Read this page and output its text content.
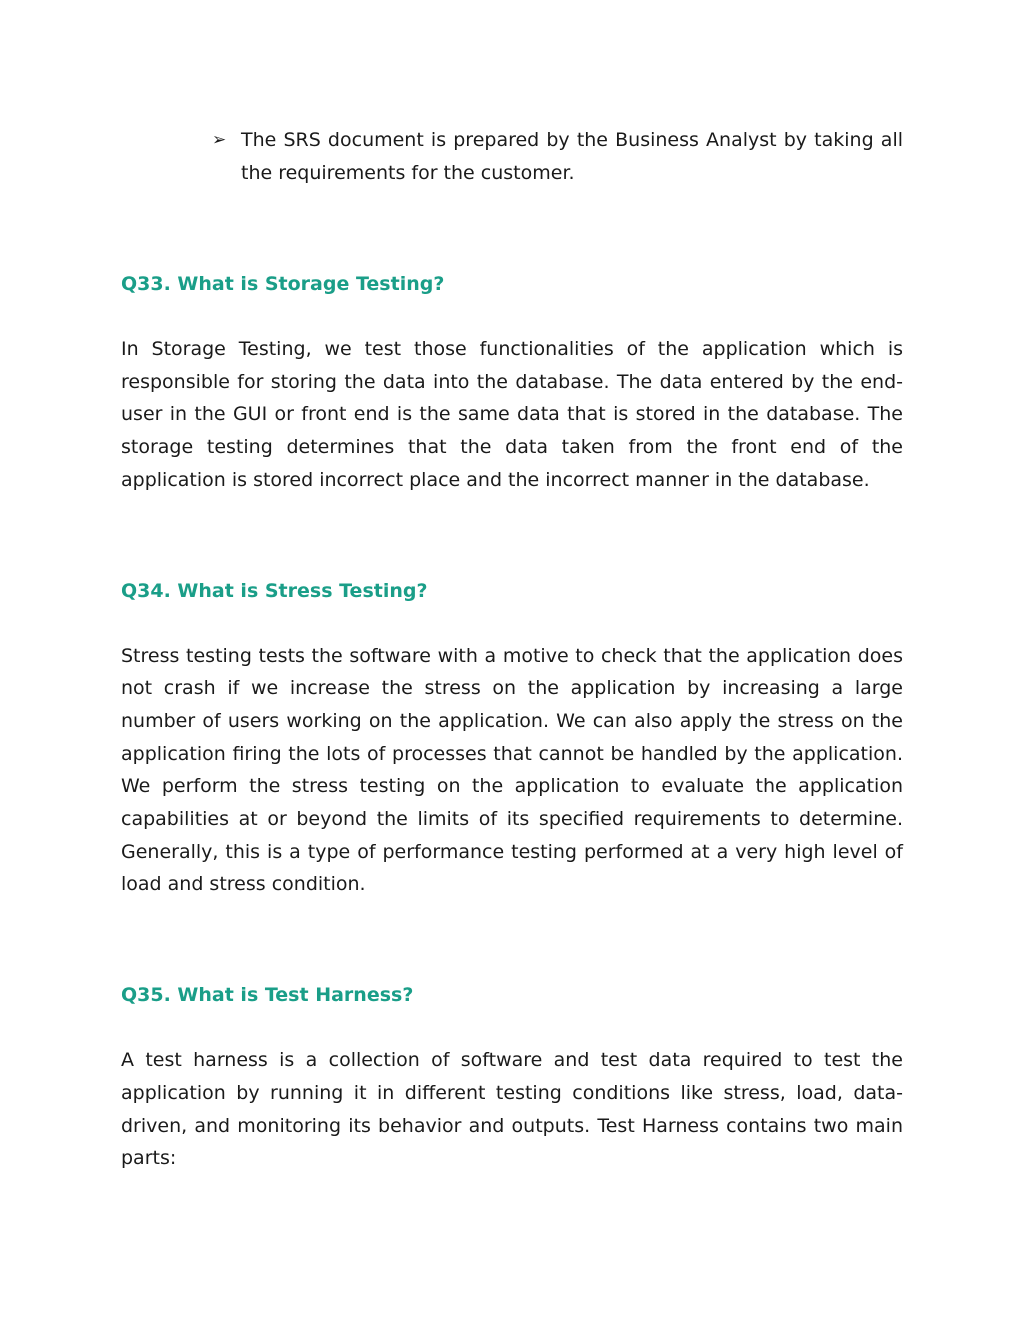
➢ The SRS document is prepared by the Business Analyst by taking all the requirements for the customer.
Q33. What is Storage Testing?

In Storage Testing, we test those functionalities of the application which is responsible for storing the data into the database. The data entered by the end-user in the GUI or front end is the same data that is stored in the database. The storage testing determines that the data taken from the front end of the application is stored incorrect place and the incorrect manner in the database.

Q34. What is Stress Testing?

Stress testing tests the software with a motive to check that the application does not crash if we increase the stress on the application by increasing a large number of users working on the application. We can also apply the stress on the application firing the lots of processes that cannot be handled by the application. We perform the stress testing on the application to evaluate the application capabilities at or beyond the limits of its specified requirements to determine. Generally, this is a type of performance testing performed at a very high level of load and stress condition.

Q35. What is Test Harness?

A test harness is a collection of software and test data required to test the application by running it in different testing conditions like stress, load, data-driven, and monitoring its behavior and outputs. Test Harness contains two main parts:
